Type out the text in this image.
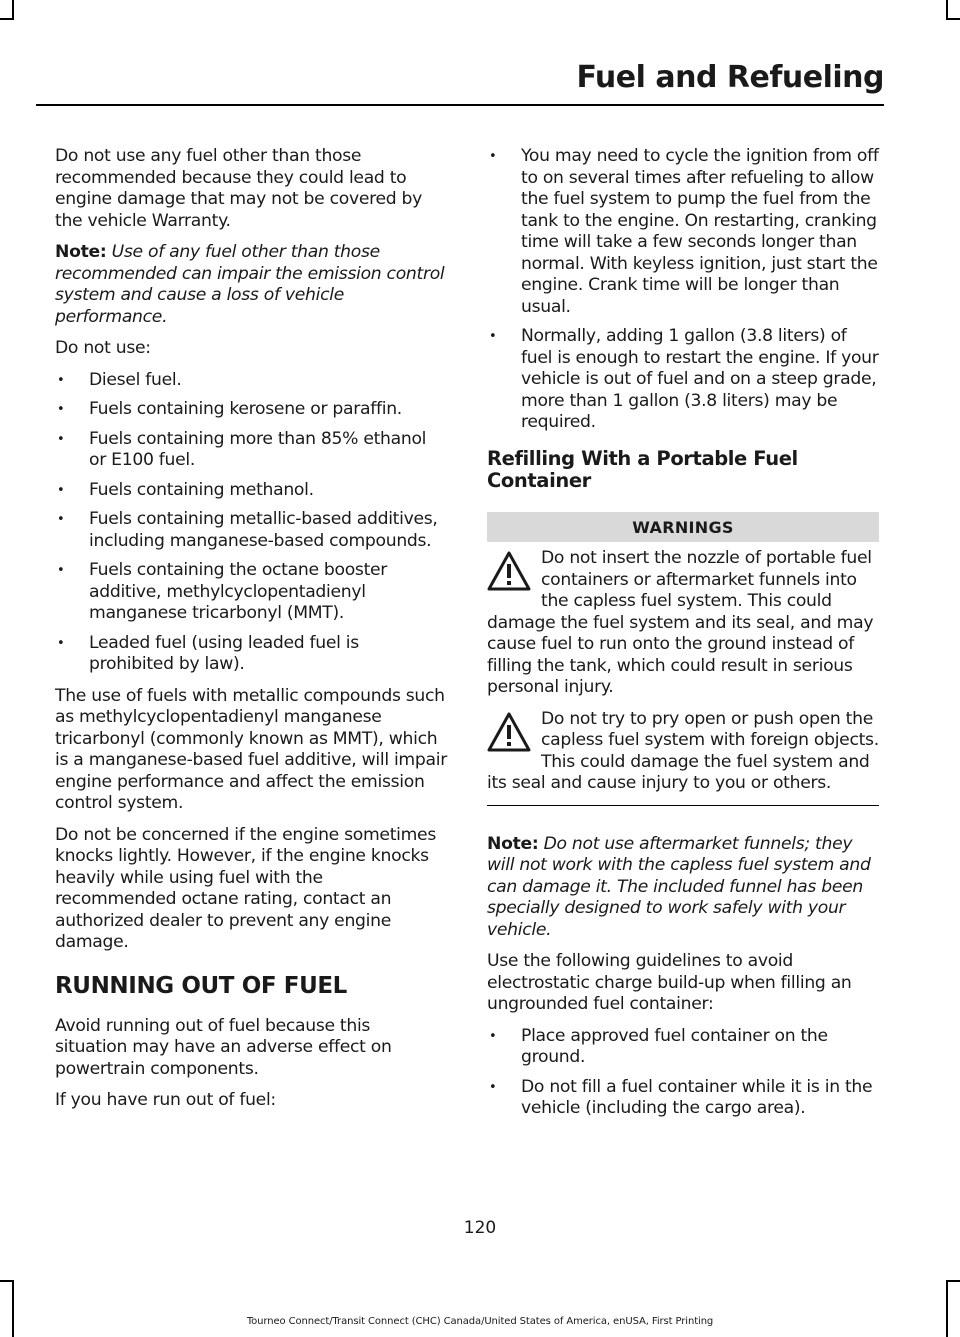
Fuel and Refueling

Do not use any fuel other than those recommended because they could lead to engine damage that may not be covered by the vehicle Warranty.

Note: Use of any fuel other than those recommended can impair the emission control system and cause a loss of vehicle performance.

Do not use:

• Diesel fuel.
• Fuels containing kerosene or paraffin.
• Fuels containing more than 85% ethanol or E100 fuel.
• Fuels containing methanol.
• Fuels containing metallic-based additives, including manganese-based compounds.
• Fuels containing the octane booster additive, methylcyclopentadienyl manganese tricarbonyl (MMT).
• Leaded fuel (using leaded fuel is prohibited by law).

The use of fuels with metallic compounds such as methylcyclopentadienyl manganese tricarbonyl (commonly known as MMT), which is a manganese-based fuel additive, will impair engine performance and affect the emission control system.

Do not be concerned if the engine sometimes knocks lightly. However, if the engine knocks heavily while using fuel with the recommended octane rating, contact an authorized dealer to prevent any engine damage.

RUNNING OUT OF FUEL

Avoid running out of fuel because this situation may have an adverse effect on powertrain components.

If you have run out of fuel:

• You may need to cycle the ignition from off to on several times after refueling to allow the fuel system to pump the fuel from the tank to the engine. On restarting, cranking time will take a few seconds longer than normal. With keyless ignition, just start the engine. Crank time will be longer than usual.
• Normally, adding 1 gallon (3.8 liters) of fuel is enough to restart the engine. If your vehicle is out of fuel and on a steep grade, more than 1 gallon (3.8 liters) may be required.
Refilling With a Portable Fuel Container
WARNINGS
Do not insert the nozzle of portable fuel containers or aftermarket funnels into the capless fuel system. This could damage the fuel system and its seal, and may cause fuel to run onto the ground instead of filling the tank, which could result in serious personal injury.
Do not try to pry open or push open the capless fuel system with foreign objects. This could damage the fuel system and its seal and cause injury to you or others.

Note: Do not use aftermarket funnels; they will not work with the capless fuel system and can damage it. The included funnel has been specially designed to work safely with your vehicle.

Use the following guidelines to avoid electrostatic charge build-up when filling an ungrounded fuel container:

• Place approved fuel container on the ground.
• Do not fill a fuel container while it is in the vehicle (including the cargo area).
120
Tourneo Connect/Transit Connect (CHC) Canada/United States of America, enUSA, First Printing
